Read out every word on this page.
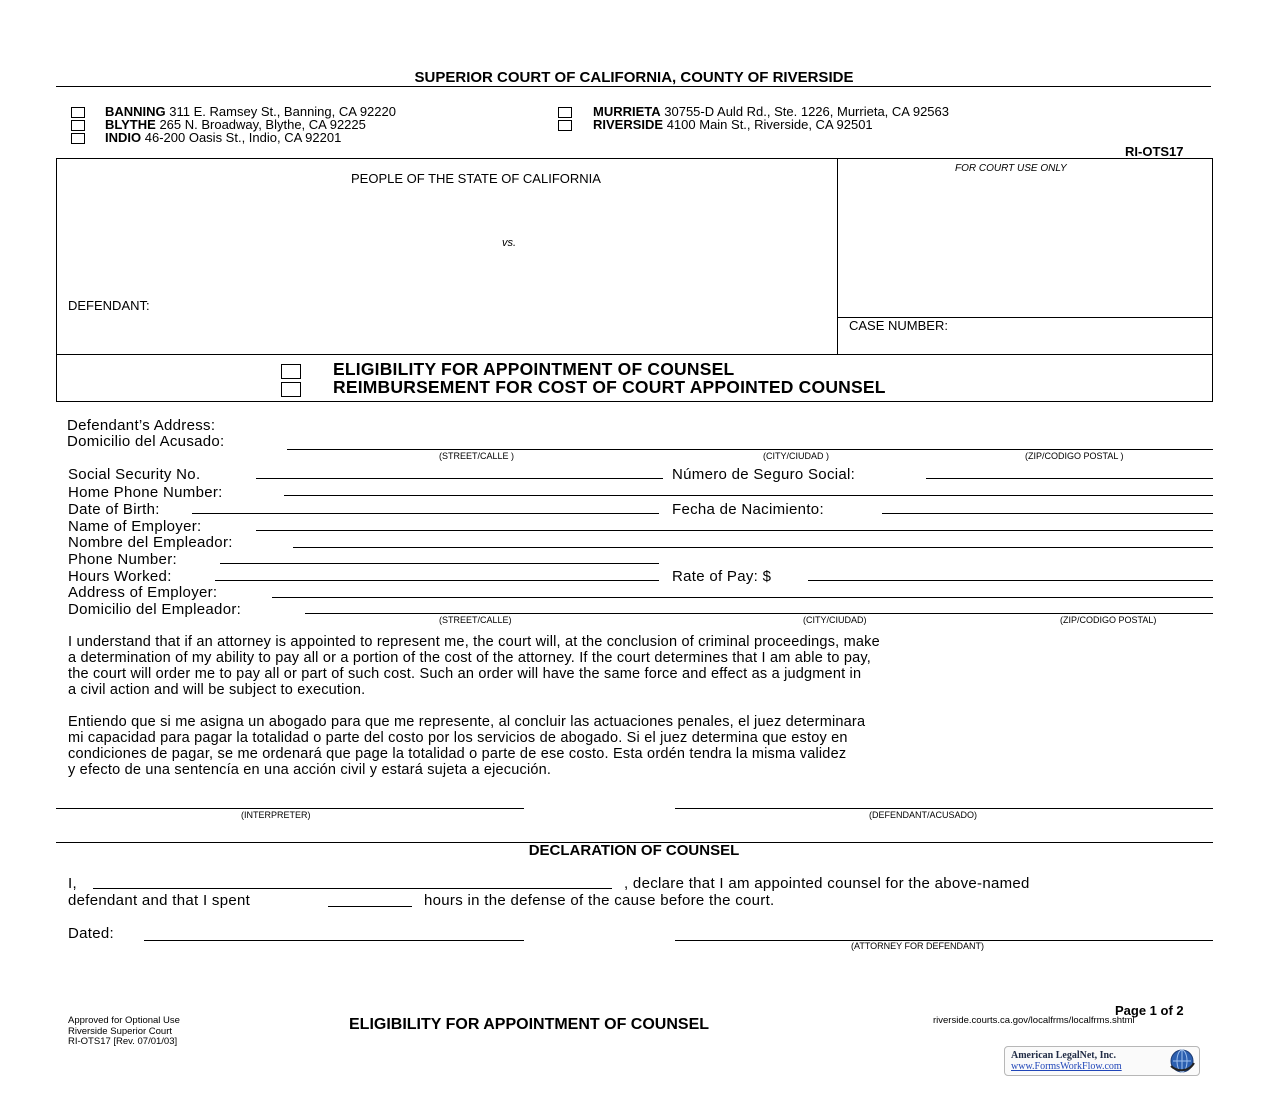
SUPERIOR COURT OF CALIFORNIA, COUNTY OF RIVERSIDE
BANNING 311 E. Ramsey St., Banning, CA 92220
BLYTHE 265 N. Broadway, Blythe, CA 92225
INDIO 46-200 Oasis St., Indio, CA 92201
MURRIETA 30755-D Auld Rd., Ste. 1226, Murrieta, CA 92563
RIVERSIDE 4100 Main St., Riverside, CA 92501
RI-OTS17
PEOPLE OF THE STATE OF CALIFORNIA
vs.
DEFENDANT:
FOR COURT USE ONLY
CASE NUMBER:
ELIGIBILITY FOR APPOINTMENT OF COUNSEL
REIMBURSEMENT FOR COST OF COURT APPOINTED COUNSEL
Defendant’s Address:
Domicilio del Acusado:
(STREET/CALLE )	(CITY/CIUDAD )	(ZIP/CODIGO POSTAL )
Social Security No.	Número de Seguro Social:
Home Phone Number:
Date of Birth:	Fecha de Nacimiento:
Name of Employer:
Nombre del Empleador:
Phone Number:
Hours Worked:	Rate of Pay: $
Address of Employer:
Domicilio del Empleador:
(STREET/CALLE)	(CITY/CIUDAD)	(ZIP/CODIGO POSTAL)
I understand that if an attorney is appointed to represent me, the court will, at the conclusion of criminal proceedings, make
a determination of my ability to pay all or a portion of the cost of the attorney. If the court determines that I am able to pay,
the court will order me to pay all or part of such cost. Such an order will have the same force and effect as a judgment in
a civil action and will be subject to execution.
Entiendo que si me asigna un abogado para que me represente, al concluir las actuaciones penales, el juez determinara
mi capacidad para pagar la totalidad o parte del costo por los servicios de abogado. Si el juez determina que estoy en
condiciones de pagar, se me ordenará que page la totalidad o parte de ese costo. Esta ordén tendra la misma validez
y efecto de una sentencía en una acción civil y estará sujeta a ejecución.
(INTERPRETER)	(DEFENDANT/ACUSADO)
DECLARATION OF COUNSEL
I,	, declare that I am appointed counsel for the above-named
defendant and that I spent	hours in the defense of the cause before the court.
Dated:
(ATTORNEY FOR DEFENDANT)
Page 1 of 2
riverside.courts.ca.gov/localfrms/localfrms.shtml
Approved for Optional Use
Riverside Superior Court
RI-OTS17 [Rev. 07/01/03]
ELIGIBILITY FOR APPOINTMENT OF COUNSEL
American LegalNet, Inc.
www.FormsWorkFlow.com
